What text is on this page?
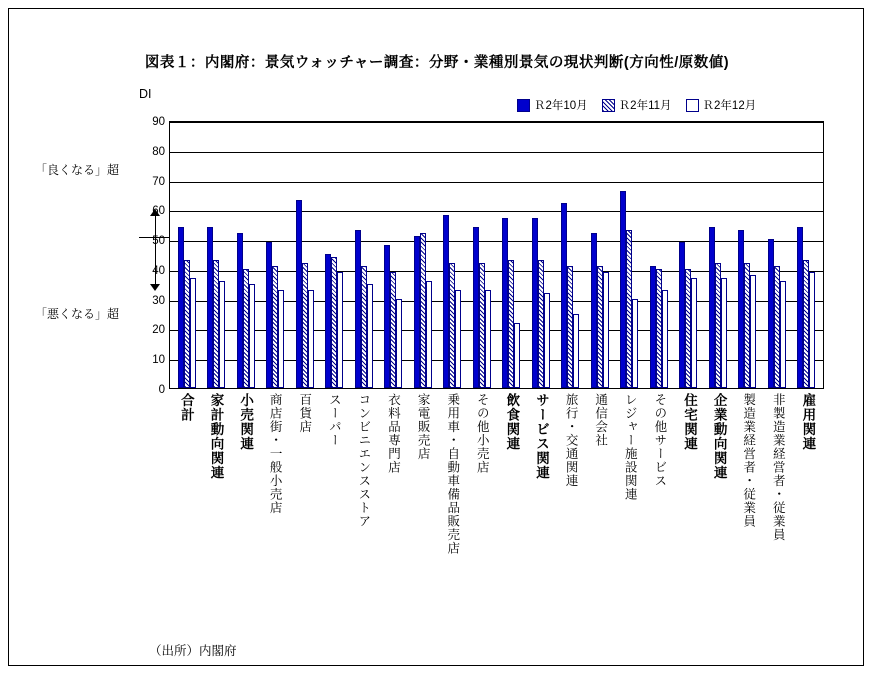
図表１：内閣府：景気ウォッチャー調査：分野・業種別景気の現状判断(方向性/原数値)
DI
Ｒ2年10月	Ｒ2年11月	Ｒ2年12月
「良くなる」超
「悪くなる」超
90
80
70
60
50
40
30
20
10
0
合計 家計動向関連 小売関連 商店街・一般小売店 百貨店 スーパー コンビニエンスストア 衣料品専門店 家電販売店 乗用車・自動車備品販売店 その他小売店 飲食関連 サービス関連 旅行・交通関連 通信会社 レジャー施設関連 その他サービス 住宅関連 企業動向関連 製造業経営者・従業員 非製造業経営者・従業員 雇用関連
（出所）内閣府
